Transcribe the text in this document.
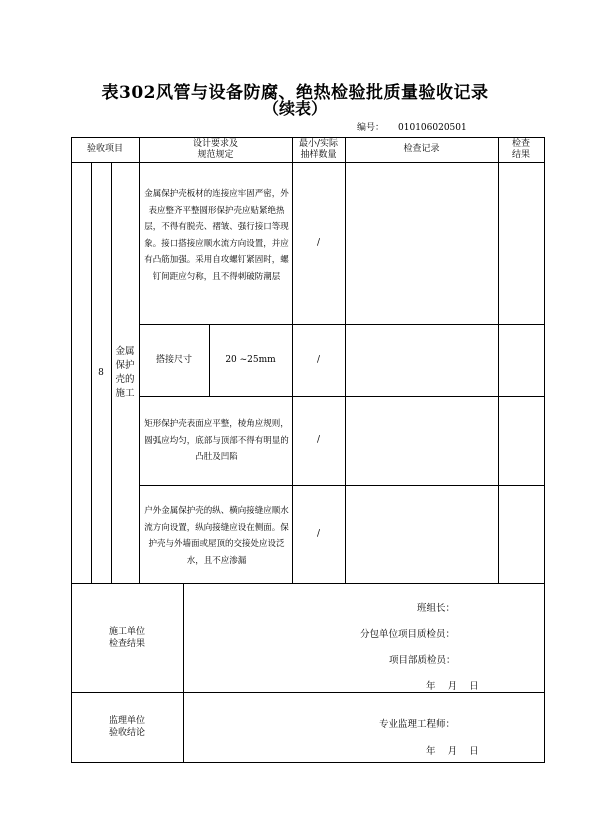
表302风管与设备防腐、绝热检验批质量验收记录
（续表）
编号： 010106020501
验收项目
设计要求及
规范规定
最小/实际
抽样数量
检查记录
检查
结果
8
金属
保护
壳的
施工
金属保护壳板材的连接应牢固严密，外表应整齐平整圆形保护壳应贴紧绝热层，不得有脱壳、褶皱、强行接口等现象。接口搭接应顺水流方向设置，并应有凸筋加强。采用自攻螺钉紧固时，螺钉间距应匀称，且不得刺破防潮层
/
搭接尺寸	20 ~25mm	/
矩形保护壳表面应平整，棱角应规则，圆弧应均匀，底部与顶部不得有明显的凸肚及凹陷
/
户外金属保护壳的纵、横向接缝应顺水流方向设置，纵向接缝应设在侧面。保护壳与外墙面或屋顶的交接处应设泛水，且不应渗漏
/
施工单位
检查结果
班组长：
分包单位项目质检员：
项目部质检员：
年    月    日
监理单位
验收结论
专业监理工程师：
年    月    日
